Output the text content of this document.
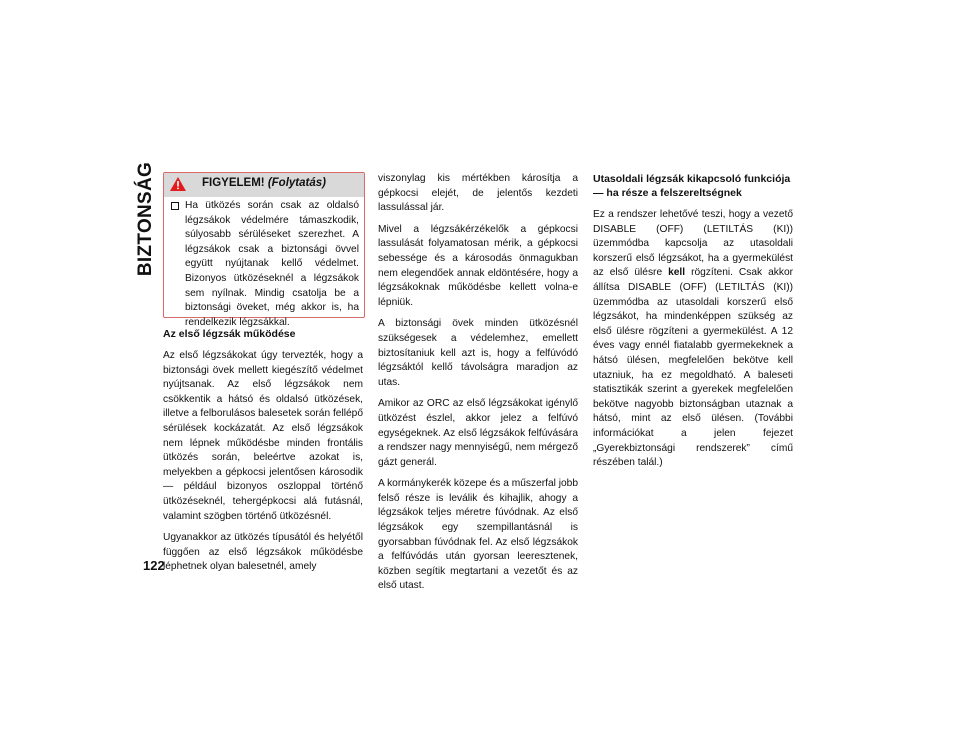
BIZTONSÁG	FIGYELEM! (Folytatás)

Ha ütközés során csak az oldalsó légzsákok védelmére támaszkodik, súlyosabb sérüléseket szerezhet. A légzsákok csak a biztonsági övvel együtt nyújtanak kellő védelmet. Bizonyos ütközéseknél a légzsákok sem nyílnak. Mindig csatolja be a biztonsági öveket, még akkor is, ha rendelkezik légzsákkal.

Az első légzsák működése

Az első légzsákokat úgy tervezték, hogy a biztonsági övek mellett kiegészítő védelmet nyújtsanak. Az első légzsákok nem csökkentik a hátsó és oldalsó ütközések, illetve a felborulásos balesetek során fellépő sérülések kockázatát. Az első légzsákok nem lépnek működésbe minden frontális ütközés során, beleértve azokat is, melyekben a gépkocsi jelentősen károsodik — például bizonyos oszloppal történő ütközéseknél, tehergépkocsi alá futásnál, valamint szögben történő ütközésnél.

Ugyanakkor az ütközés típusától és helyétől függően az első légzsákok működésbe léphetnek olyan balesetnél, amely

viszonylag kis mértékben károsítja a gépkocsi elejét, de jelentős kezdeti lassulással jár.

Mivel a légzsákérzékelők a gépkocsi lassulását folyamatosan mérik, a gépkocsi sebessége és a károsodás önmagukban nem elegendőek annak eldöntésére, hogy a légzsákoknak működésbe kellett volna-e lépniük.

A biztonsági övek minden ütközésnél szükségesek a védelemhez, emellett biztosítaniuk kell azt is, hogy a felfúvódó légzsáktól kellő távolságra maradjon az utas.

Amikor az ORC az első légzsákokat igénylő ütközést észlel, akkor jelez a felfúvó egységeknek. Az első légzsákok felfúvására a rendszer nagy mennyiségű, nem mérgező gázt generál.

A kormánykerék közepe és a műszerfal jobb felső része is leválik és kihajlik, ahogy a légzsákok teljes méretre fúvódnak. Az első légzsákok egy szempillantásnál is gyorsabban fúvódnak fel. Az első légzsákok a felfúvódás után gyorsan leeresztenek, közben segítik megtartani a vezetőt és az első utast.

Utasoldali légzsák kikapcsoló funkciója — ha része a felszereltségnek

Ez a rendszer lehetővé teszi, hogy a vezető DISABLE (OFF) (LETILTÁS (KI)) üzemmódba kapcsolja az utasoldali korszerű első légzsákot, ha a gyermekülést az első ülésre kell rögzíteni. Csak akkor állítsa DISABLE (OFF) (LETILTÁS (KI)) üzemmódba az utasoldali korszerű első légzsákot, ha mindenképpen szükség az első ülésre rögzíteni a gyermekülést. A 12 éves vagy ennél fiatalabb gyermekeknek a hátsó ülésen, megfelelően bekötve kell utazniuk, ha ez megoldható. A baleseti statisztikák szerint a gyerekek megfelelően bekötve nagyobb biztonságban utaznak a hátsó, mint az első ülésen. (További információkat a jelen fejezet „Gyerekbiztonsági rendszerek” című részében talál.)

122
